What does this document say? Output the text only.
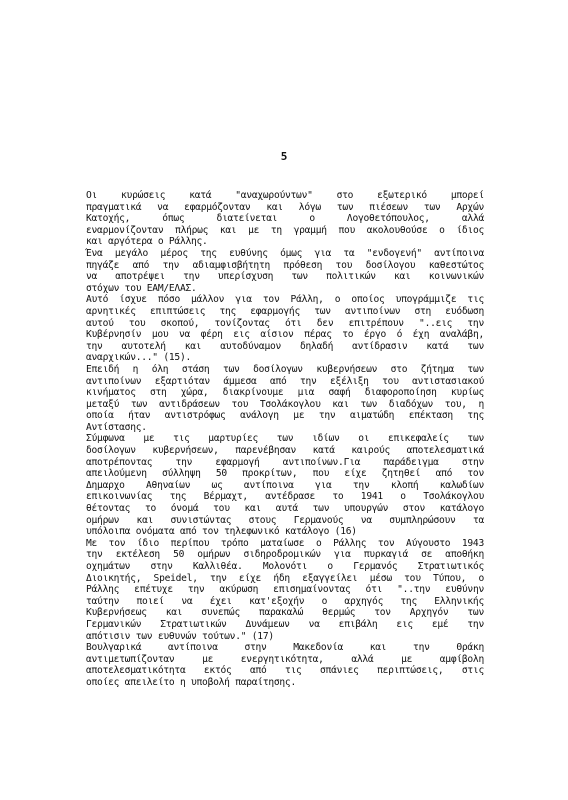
5
Οι κυρώσεις κατά "αναχωρούντων" στο εξωτερικό μπορεί
πραγματικά να εφαρμόζονταν και λόγω των πιέσεων των Αρχών
Κατοχής, όπως διατείνεται ο Λογοθετόπουλος, αλλά
εναρμονίζονταν πλήρως και με τη γραμμή που ακολουθούσε ο ίδιος
και αργότερα ο Ράλλης.
Ένα μεγάλο μέρος της ευθύνης όμως για τα "ενδογενή" αντίποινα
πηγάζε από την αδιαμφισβήτητη πρόθεση του δοσίλογου καθεστώτος
να αποτρέψει την υπερίσχυση των πολιτικών και κοινωνικών
στόχων του ΕΑΜ/ΕΛΑΣ.
Αυτό ίσχυε πόσο μάλλον για τον Ράλλη, ο οποίος υπογράμμιζε τις
αρνητικές επιπτώσεις της εφαρμογής των αντιποίνων στη ευόδωση
αυτού του σκοπού, τονίζοντας ότι δεν επιτρέπουν "..εις την
Κυβέρνησίν μου να φέρη εις αίσιον πέρας το έργο ό έχη αναλάβη,
την αυτοτελή και αυτοδύναμον δηλαδή αντίδρασιν κατά των
αναρχικών..." (15).
Επειδή η όλη στάση των δοσίλογων κυβερνήσεων στο ζήτημα των
αντιποίνων εξαρτιόταν άμμεσα από την εξέλιξη του αντιστασιακού
κινήματος στη χώρα, διακρίνουμε μια σαφή διαφοροποίηση κυρίως
μεταξύ των αντιδράσεων του Τσολάκογλου και των διαδόχων του, η
οποία ήταν αντιστρόφως ανάλογη με την αιματώδη επέκταση της
Αντίστασης.
Σύμφωνα με τις μαρτυρίες των ιδίων οι επικεφαλείς των
δοσίλογων κυβερνήσεων, παρενέβησαν κατά καιρούς αποτελεσματικά
αποτρέποντας την εφαρμογή αντιποίνων.Για παράδειγμα στην
απειλούμενη σύλληψη 50 προκρίτων, που είχε ζητηθεί από τον
Δημαρχο Αθηναίων ως αντίποινα για την κλοπή καλωδίων
επικοινωνίας της Βέρμαχτ, αντέδρασε το 1941 ο Τσολάκογλου
θέτοντας το όνομά του και αυτά των υπουργών στον κατάλογο
ομήρων και συνιστώντας στους Γερμανούς να συμπληρώσουν τα
υπόλοιπα ονόματα από τον τηλεφωνικό κατάλογο (16)
Με τον ίδιο περίπου τρόπο ματαίωσε ο Ράλλης τον Αύγουστο 1943
την εκτέλεση 50 ομήρων σιδηροδρομικών για πυρκαγιά σε αποθήκη
οχημάτων στην Καλλιθέα. Μολονότι ο Γερμανός Στρατιωτικός
Διοικητής, Speidel, την είχε ήδη εξαγγείλει μέσω του Τύπου, ο
Ράλλης επέτυχε την ακύρωση επισημαίνοντας ότι "..την ευθύνην
ταύτην ποιεί να έχει κατ'εξοχήν ο αρχηγός της Ελληνικής
Κυβερνήσεως και συνεπώς παρακαλώ θερμώς τον Αρχηγόν των
Γερμανικών Στρατιωτικών Δυνάμεων να επιβάλη εις εμέ την
απότισιν των ευθυνών τούτων." (17)
Βουλγαρικά αντίποινα στην Μακεδονία και την Θράκη
αντιμετωπίζονταν με ενεργητικότητα, αλλά με αμφίβολη
αποτελεσματικότητα εκτός από τις σπάνιες περιπτώσεις, στις
οποίες απειλείτο η υποβολή παραίτησης.
